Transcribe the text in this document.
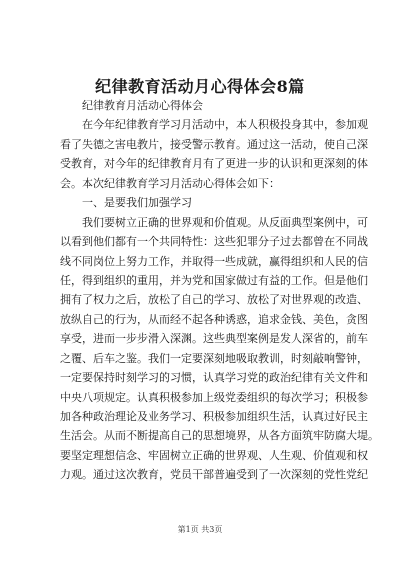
纪律教育活动月心得体会8篇
　　纪律教育月活动心得体会
　　在今年纪律教育学习月活动中，本人积极投身其中，参加观
看了失德之害电教片，接受警示教育。通过这一活动，使自己深
受教育，对今年的纪律教育月有了更进一步的认识和更深刻的体
会。本次纪律教育学习月活动心得体会如下：
　　一、是要我们加强学习
　　我们要树立正确的世界观和价值观。从反面典型案例中，可
以看到他们都有一个共同特性：这些犯罪分子过去都曾在不同战
线不同岗位上努力工作，并取得一些成就，赢得组织和人民的信
任，得到组织的重用，并为党和国家做过有益的工作。但是他们
拥有了权力之后，放松了自己的学习、放松了对世界观的改造、
放纵自己的行为，从而经不起各种诱惑，追求金钱、美色，贪图
享受，进而一步步滑入深渊。这些典型案例是发人深省的，前车
之覆、后车之鉴。我们一定要深刻地吸取教训，时刻敲响警钟，
一定要保持时刻学习的习惯，认真学习党的政治纪律有关文件和
中央八项规定。认真积极参加上级党委组织的每次学习；积极参
加各种政治理论及业务学习、积极参加组织生活，认真过好民主
生活会。从而不断提高自己的思想境界，从各方面筑牢防腐大堤。
要坚定理想信念、牢固树立正确的世界观、人生观、价值观和权
力观。通过这次教育，党员干部普遍受到了一次深刻的党性党纪
第1页 共3页
